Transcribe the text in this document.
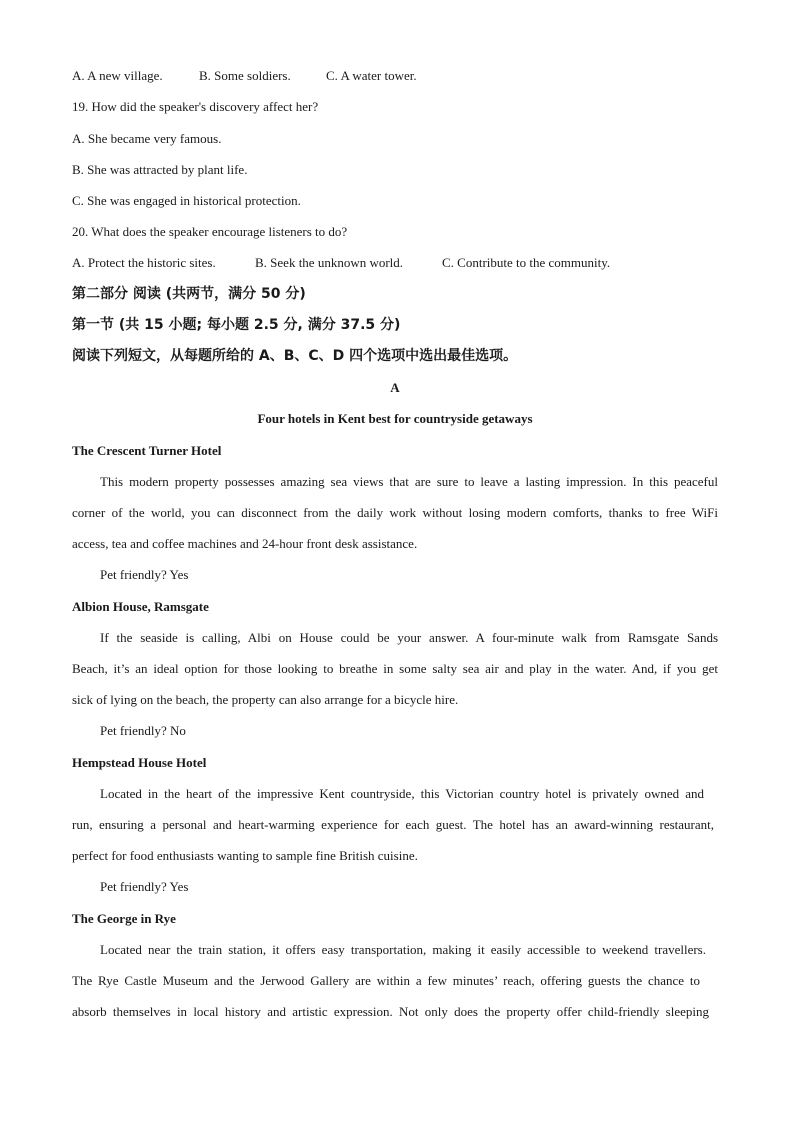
A. A new village.	B. Some soldiers.	C. A water tower.
19. How did the speaker's discovery affect her?
A. She became very famous.
B. She was attracted by plant life.
C. She was engaged in historical protection.
20. What does the speaker encourage listeners to do?
A. Protect the historic sites.	B. Seek the unknown world.	C. Contribute to the community.
第二部分 阅读 (共两节，满分 50 分)
第一节 (共 15 小题; 每小题 2.5 分, 满分 37.5 分)
阅读下列短文，从每题所给的 A、B、C、D 四个选项中选出最佳选项。
A
Four hotels in Kent best for countryside getaways
The Crescent Turner Hotel
This modern property possesses amazing sea views that are sure to leave a lasting impression. In this peaceful
corner of the world, you can disconnect from the daily work without losing modern comforts, thanks to free WiFi
access, tea and coffee machines and 24-hour front desk assistance.
Pet friendly? Yes
Albion House, Ramsgate
If the seaside is calling, Albi on House could be your answer. A four-minute walk from Ramsgate Sands
Beach, it’s an ideal option for those looking to breathe in some salty sea air and play in the water. And, if you get
sick of lying on the beach, the property can also arrange for a bicycle hire.
Pet friendly? No
Hempstead House Hotel
Located in the heart of the impressive Kent countryside, this Victorian country hotel is privately owned and
run, ensuring a personal and heart-warming experience for each guest. The hotel has an award-winning restaurant,
perfect for food enthusiasts wanting to sample fine British cuisine.
Pet friendly? Yes
The George in Rye
Located near the train station, it offers easy transportation, making it easily accessible to weekend travellers.
The Rye Castle Museum and the Jerwood Gallery are within a few minutes’ reach, offering guests the chance to
absorb themselves in local history and artistic expression. Not only does the property offer child-friendly sleeping
